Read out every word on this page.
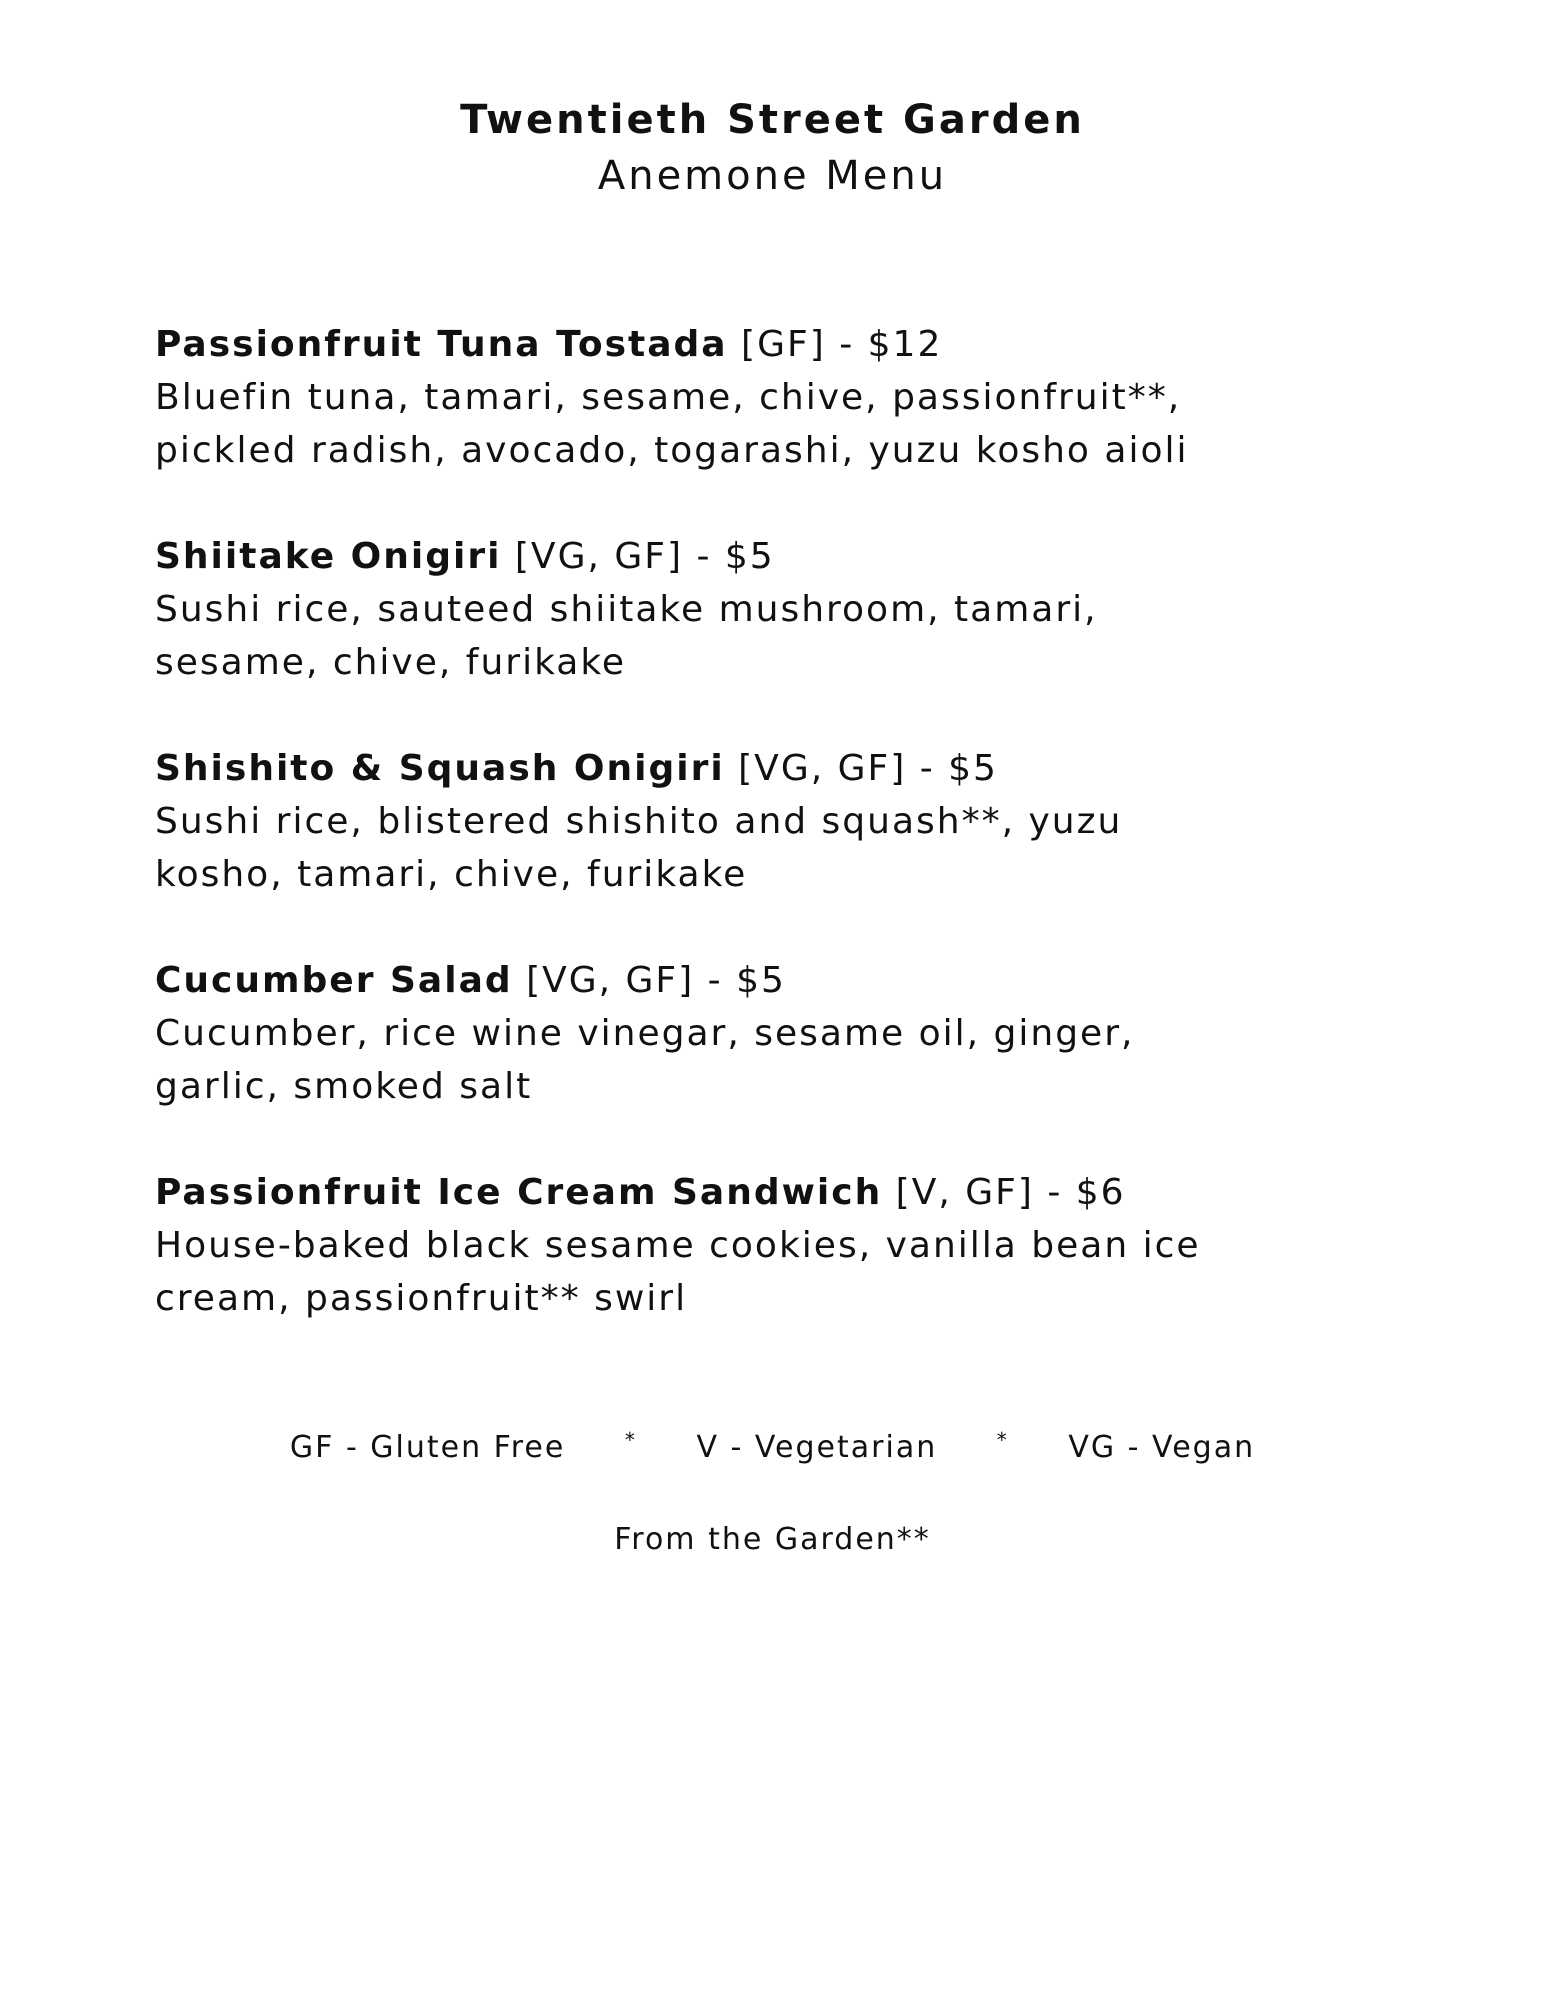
Twentieth Street Garden
Anemone Menu
Passionfruit Tuna Tostada [GF] - $12
Bluefin tuna, tamari, sesame, chive, passionfruit**,
pickled radish, avocado, togarashi, yuzu kosho aioli
Shiitake Onigiri [VG, GF] - $5
Sushi rice, sauteed shiitake mushroom, tamari,
sesame, chive, furikake
Shishito & Squash Onigiri [VG, GF] - $5
Sushi rice, blistered shishito and squash**, yuzu
kosho, tamari, chive, furikake
Cucumber Salad [VG, GF] - $5
Cucumber, rice wine vinegar, sesame oil, ginger,
garlic, smoked salt
Passionfruit Ice Cream Sandwich [V, GF] - $6
House-baked black sesame cookies, vanilla bean ice
cream, passionfruit** swirl
GF - Gluten Free	* V - Vegetarian	* VG - Vegan
From the Garden**
